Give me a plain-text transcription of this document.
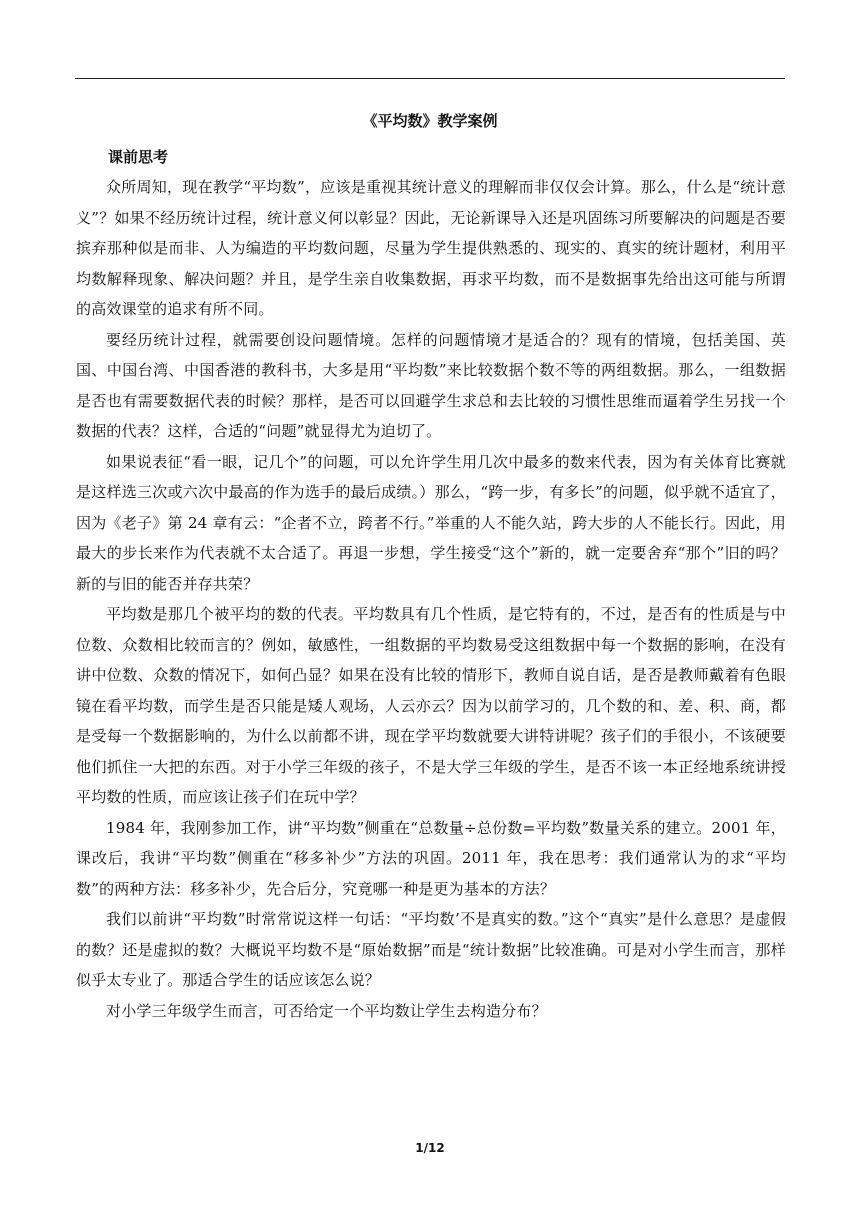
《平均数》教学案例
课前思考

众所周知，现在教学“平均数”，应该是重视其统计意义的理解而非仅仅会计算。那么，什么是“统计意义”？如果不经历统计过程，统计意义何以彰显？因此，无论新课导入还是巩固练习所要解决的问题是否要摈弃那种似是而非、人为编造的平均数问题，尽量为学生提供熟悉的、现实的、真实的统计题材，利用平均数解释现象、解决问题？并且，是学生亲自收集数据，再求平均数，而不是数据事先给出这可能与所谓的高效课堂的追求有所不同。

要经历统计过程，就需要创设问题情境。怎样的问题情境才是适合的？现有的情境，包括美国、英国、中国台湾、中国香港的教科书，大多是用“平均数”来比较数据个数不等的两组数据。那么，一组数据是否也有需要数据代表的时候？那样，是否可以回避学生求总和去比较的习惯性思维而逼着学生另找一个数据的代表？这样，合适的“问题”就显得尤为迫切了。

如果说表征“看一眼，记几个”的问题，可以允许学生用几次中最多的数来代表，因为有关体育比赛就是这样选三次或六次中最高的作为选手的最后成绩。）那么，“跨一步，有多长”的问题，似乎就不适宜了，因为《老子》第 24 章有云：“企者不立，跨者不行。”举重的人不能久站，跨大步的人不能长行。因此，用最大的步长来作为代表就不太合适了。再退一步想，学生接受“这个”新的，就一定要舍弃“那个”旧的吗？新的与旧的能否并存共荣？

平均数是那几个被平均的数的代表。平均数具有几个性质，是它特有的，不过，是否有的性质是与中位数、众数相比较而言的？例如，敏感性，一组数据的平均数易受这组数据中每一个数据的影响，在没有讲中位数、众数的情况下，如何凸显？如果在没有比较的情形下，教师自说自话，是否是教师戴着有色眼镜在看平均数，而学生是否只能是矮人观场，人云亦云？因为以前学习的，几个数的和、差、积、商，都是受每一个数据影响的，为什么以前都不讲，现在学平均数就要大讲特讲呢？孩子们的手很小，不该硬要他们抓住一大把的东西。对于小学三年级的孩子，不是大学三年级的学生，是否不该一本正经地系统讲授平均数的性质，而应该让孩子们在玩中学？

1984 年，我刚参加工作，讲“平均数”侧重在“总数量÷总份数=平均数”数量关系的建立。2001 年，课改后，我讲“平均数”侧重在“移多补少”方法的巩固。2011 年，我在思考：我们通常认为的求“平均数”的两种方法：移多补少，先合后分，究竟哪一种是更为基本的方法？

我们以前讲“平均数”时常常说这样一句话：“平均数’不是真实的数。”这个“真实”是什么意思？是虚假的数？还是虚拟的数？大概说平均数不是“原始数据”而是“统计数据”比较准确。可是对小学生而言，那样似乎太专业了。那适合学生的话应该怎么说？

对小学三年级学生而言，可否给定一个平均数让学生去构造分布？

1/12
